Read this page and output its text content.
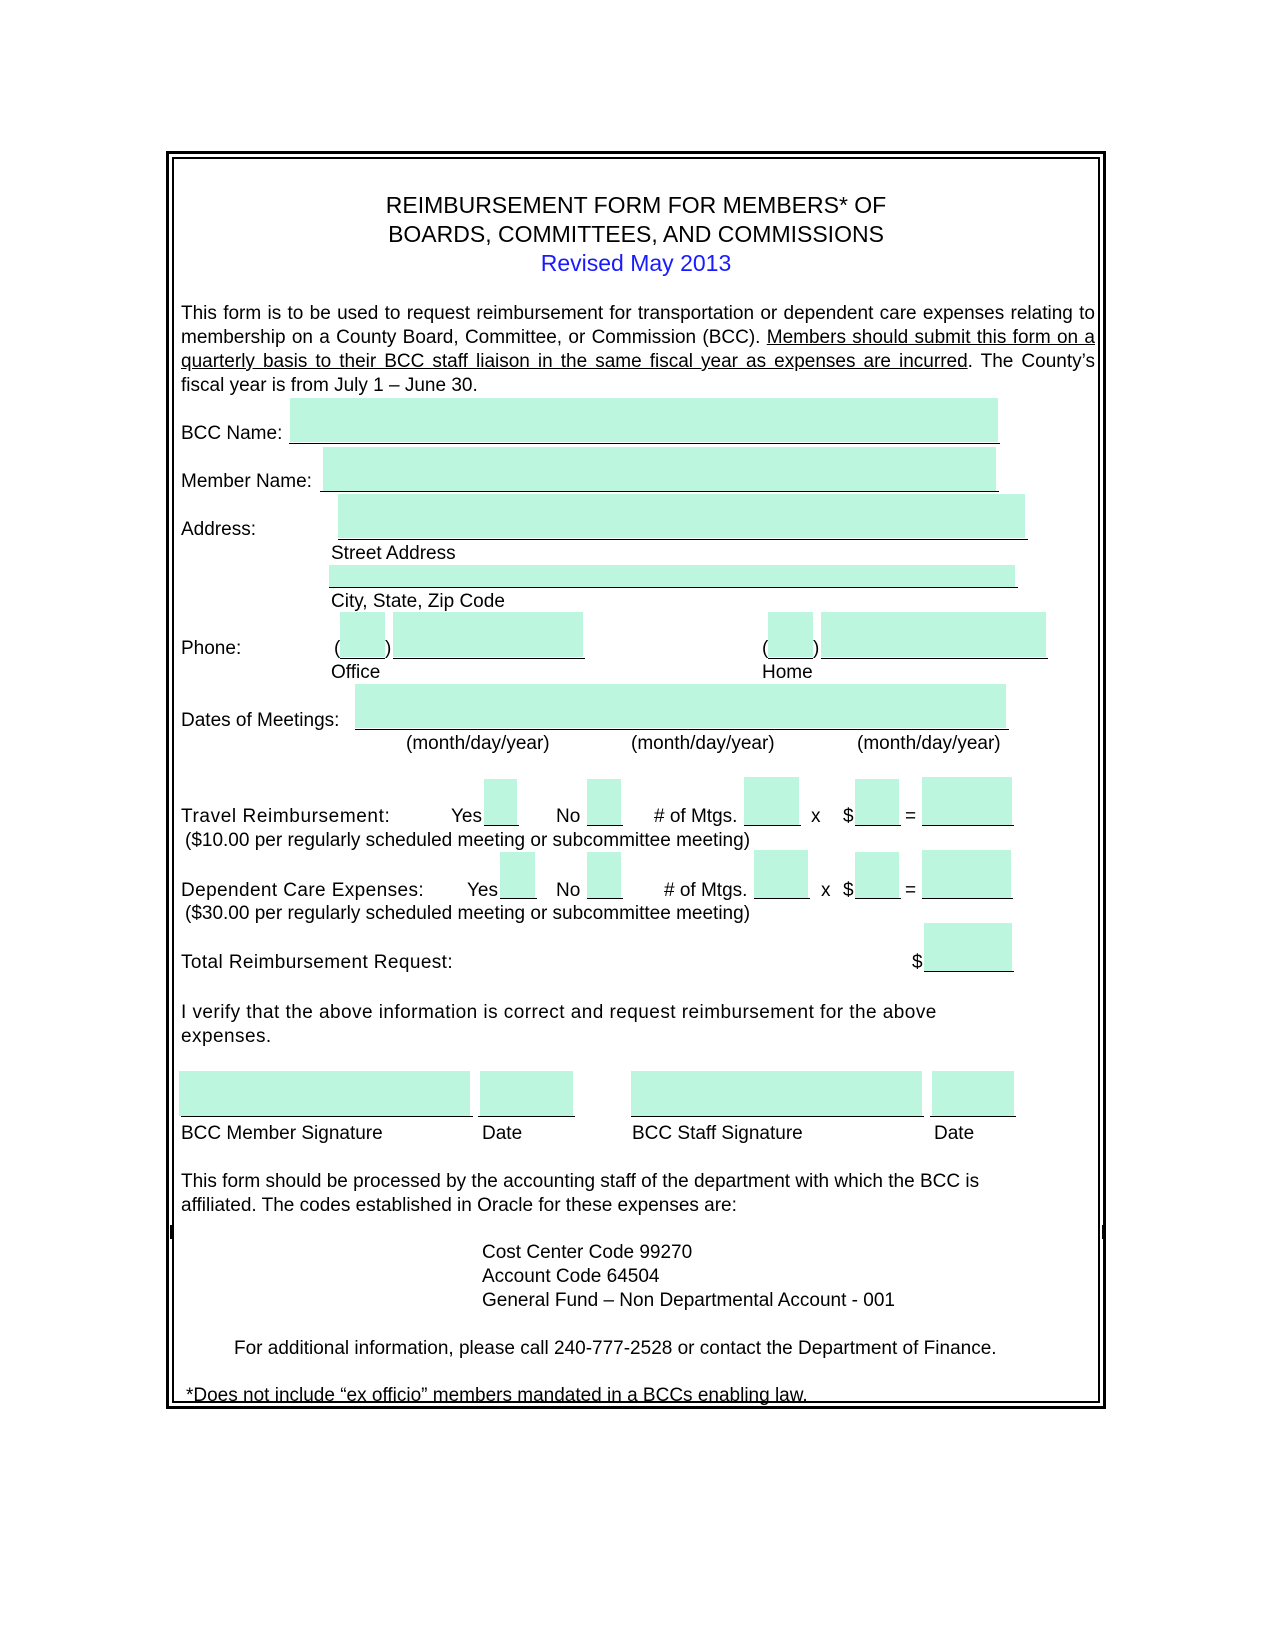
REIMBURSEMENT FORM FOR MEMBERS* OF
BOARDS, COMMITTEES, AND COMMISSIONS
Revised May 2013
This form is to be used to request reimbursement for transportation or dependent care expenses relating to membership on a County Board, Committee, or Commission (BCC). Members should submit this form on a quarterly basis to their BCC staff liaison in the same fiscal year as expenses are incurred. The County’s fiscal year is from July 1 – June 30.
BCC Name:
Member Name:
Address:
Street Address
City, State, Zip Code
Phone:	( )
Office
( )
Home
Dates of Meetings:
(month/day/year)	(month/day/year)	(month/day/year)
Travel Reimbursement:	Yes	No	# of Mtgs.	x $	=
($10.00 per regularly scheduled meeting or subcommittee meeting)
Dependent Care Expenses: Yes	No	# of Mtgs.	x $	=
($30.00 per regularly scheduled meeting or subcommittee meeting)
Total Reimbursement Request:	$
I verify that the above information is correct and request reimbursement for the above
expenses.
BCC Member Signature	Date	BCC Staff Signature	Date
This form should be processed by the accounting staff of the department with which the BCC is
affiliated. The codes established in Oracle for these expenses are:
Cost Center Code 99270
Account Code 64504
General Fund – Non Departmental Account - 001
For additional information, please call 240-777-2528 or contact the Department of Finance.
*Does not include “ex officio” members mandated in a BCCs enabling law.
